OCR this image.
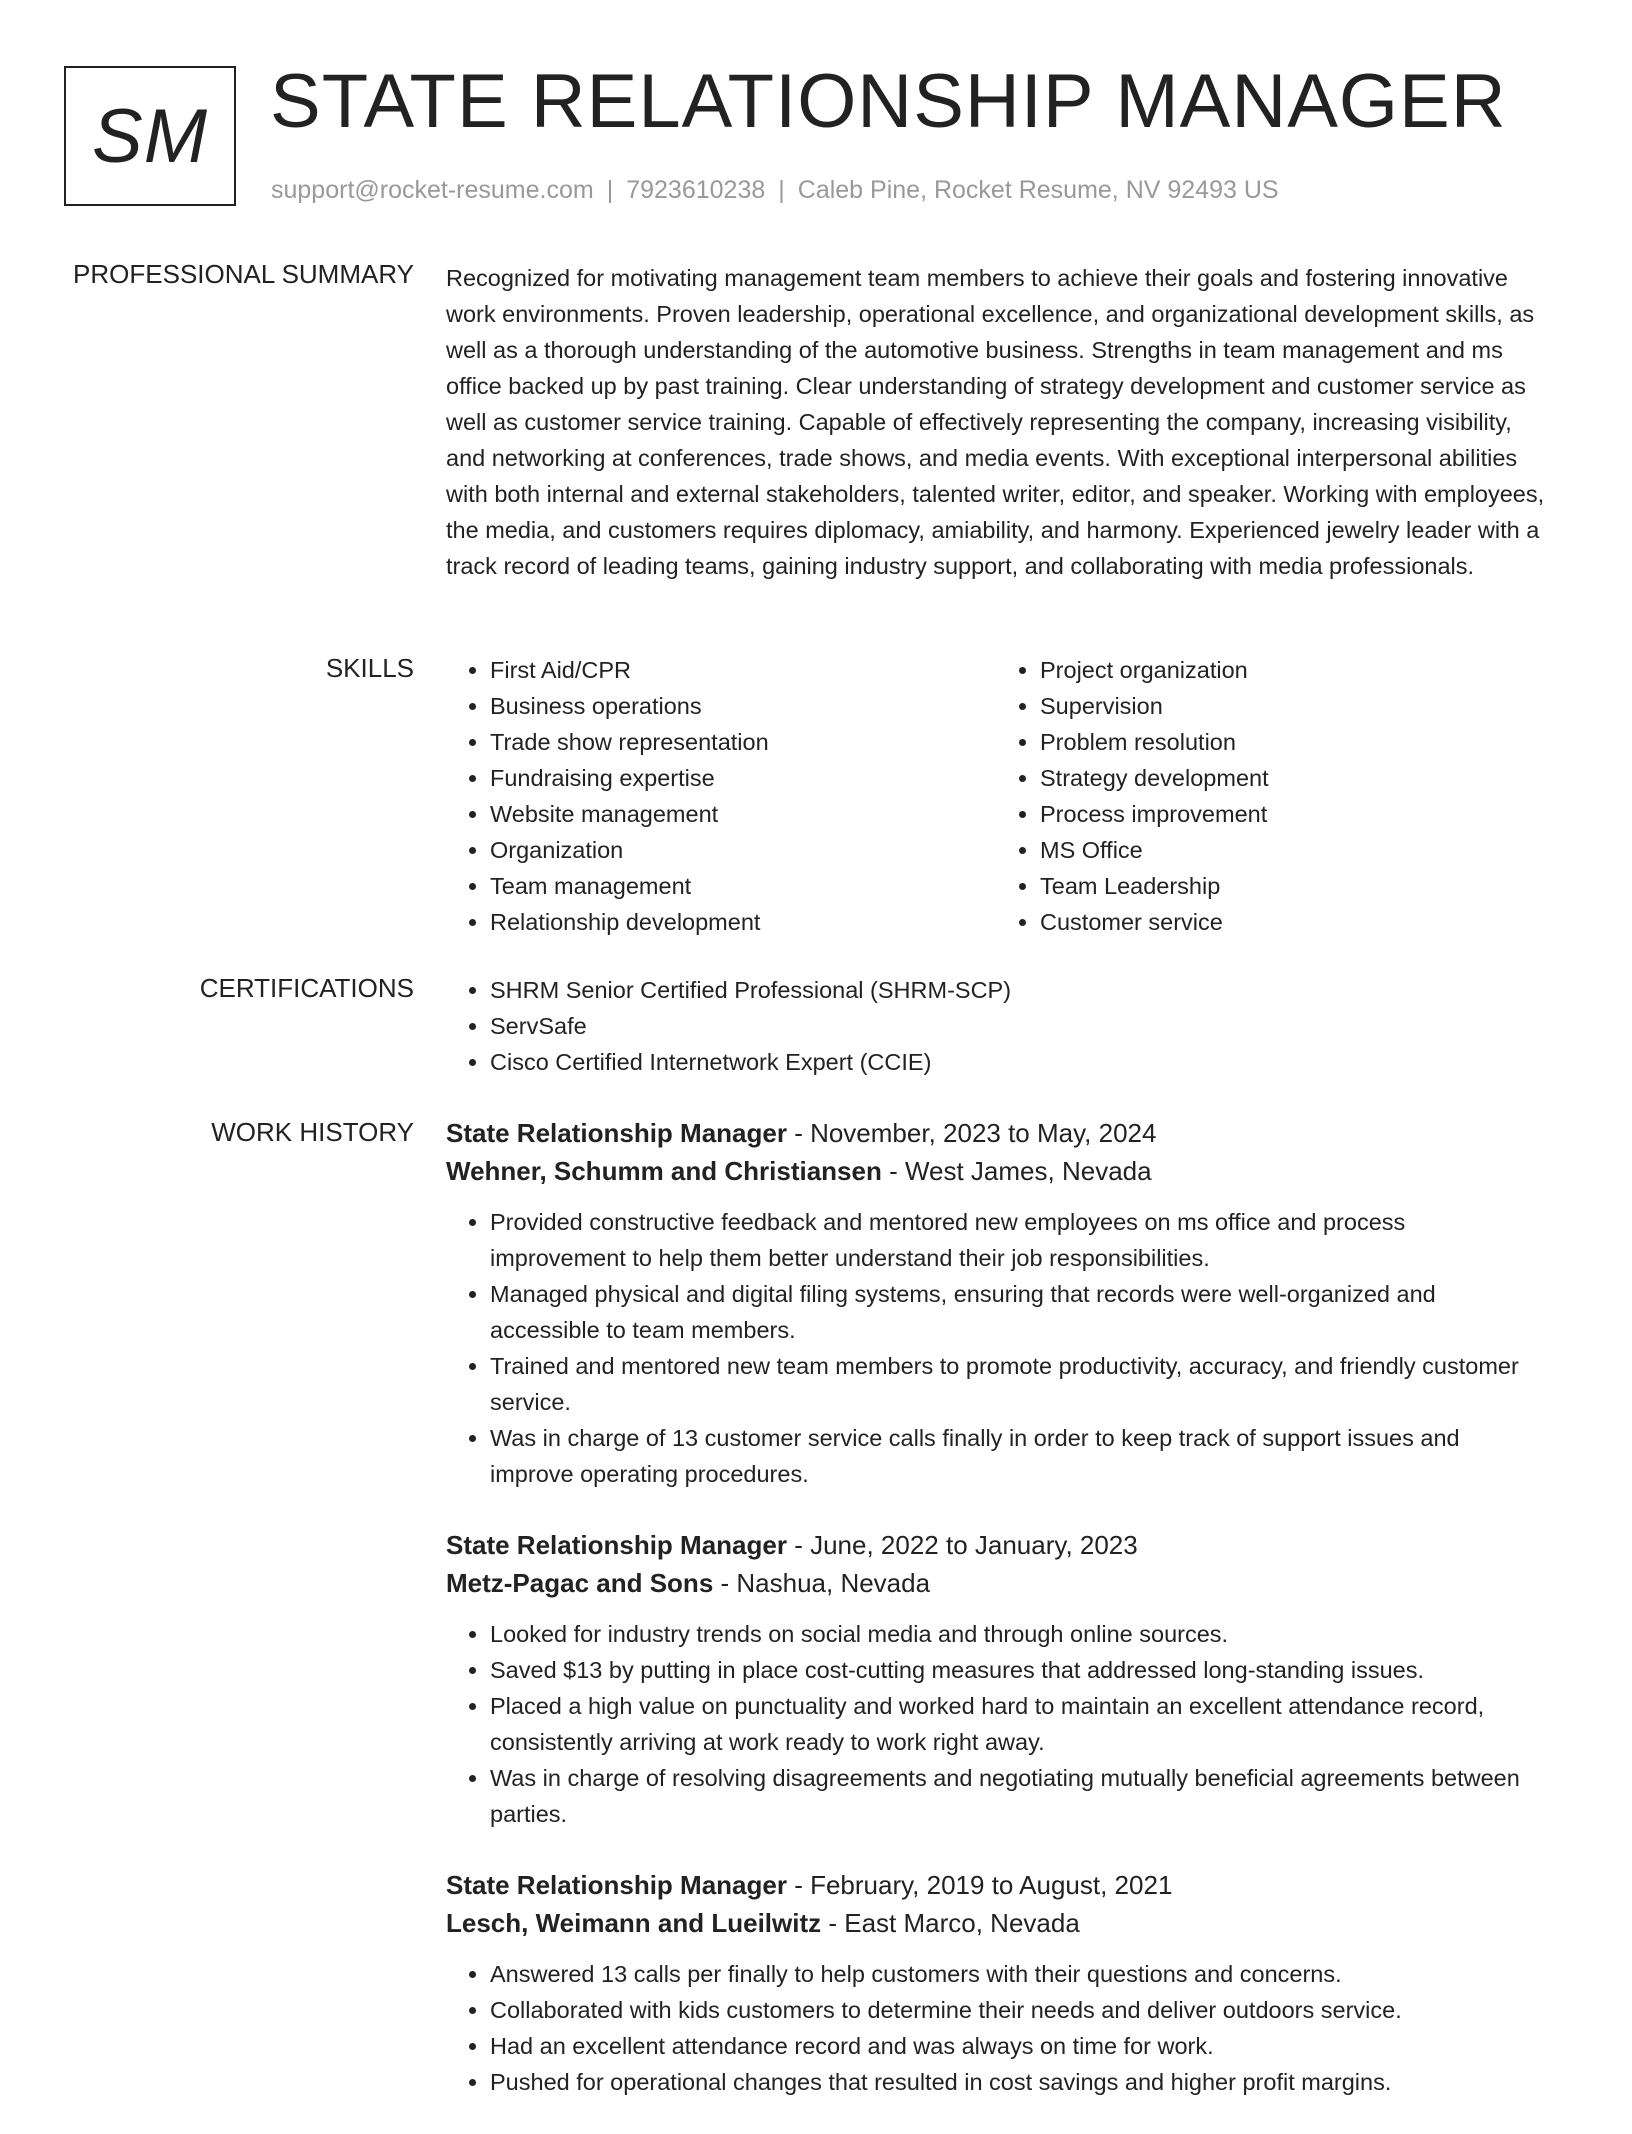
SM STATE RELATIONSHIP MANAGER
support@rocket-resume.com | 7923610238 | Caleb Pine, Rocket Resume, NV 92493 US
PROFESSIONAL SUMMARY Recognized for motivating management team members to achieve their goals and fostering innovative work environments. Proven leadership, operational excellence, and organizational development skills, as well as a thorough understanding of the automotive business. Strengths in team management and ms office backed up by past training. Clear understanding of strategy development and customer service as well as customer service training. Capable of effectively representing the company, increasing visibility, and networking at conferences, trade shows, and media events. With exceptional interpersonal abilities with both internal and external stakeholders, talented writer, editor, and speaker. Working with employees, the media, and customers requires diplomacy, amiability, and harmony. Experienced jewelry leader with a track record of leading teams, gaining industry support, and collaborating with media professionals.

SKILLS	• First Aid/CPR
• Business operations
• Trade show representation
• Fundraising expertise
• Website management
• Organization
• Team management
• Relationship development
• Project organization
• Supervision
• Problem resolution
• Strategy development
• Process improvement
• MS Office
• Team Leadership
• Customer service
CERTIFICATIONS	• SHRM Senior Certified Professional (SHRM-SCP)
• ServSafe
• Cisco Certified Internetwork Expert (CCIE)
WORK HISTORY State Relationship Manager - November, 2023 to May, 2024
Wehner, Schumm and Christiansen - West James, Nevada
• Provided constructive feedback and mentored new employees on ms office and process improvement to help them better understand their job responsibilities.
• Managed physical and digital filing systems, ensuring that records were well-organized and accessible to team members.
• Trained and mentored new team members to promote productivity, accuracy, and friendly customer service.
• Was in charge of 13 customer service calls finally in order to keep track of support issues and improve operating procedures.
State Relationship Manager - June, 2022 to January, 2023
Metz-Pagac and Sons - Nashua, Nevada
• Looked for industry trends on social media and through online sources.
• Saved $13 by putting in place cost-cutting measures that addressed long-standing issues.
• Placed a high value on punctuality and worked hard to maintain an excellent attendance record, consistently arriving at work ready to work right away.
• Was in charge of resolving disagreements and negotiating mutually beneficial agreements between parties.
State Relationship Manager - February, 2019 to August, 2021
Lesch, Weimann and Lueilwitz - East Marco, Nevada
• Answered 13 calls per finally to help customers with their questions and concerns.
• Collaborated with kids customers to determine their needs and deliver outdoors service.
• Had an excellent attendance record and was always on time for work.
• Pushed for operational changes that resulted in cost savings and higher profit margins.
